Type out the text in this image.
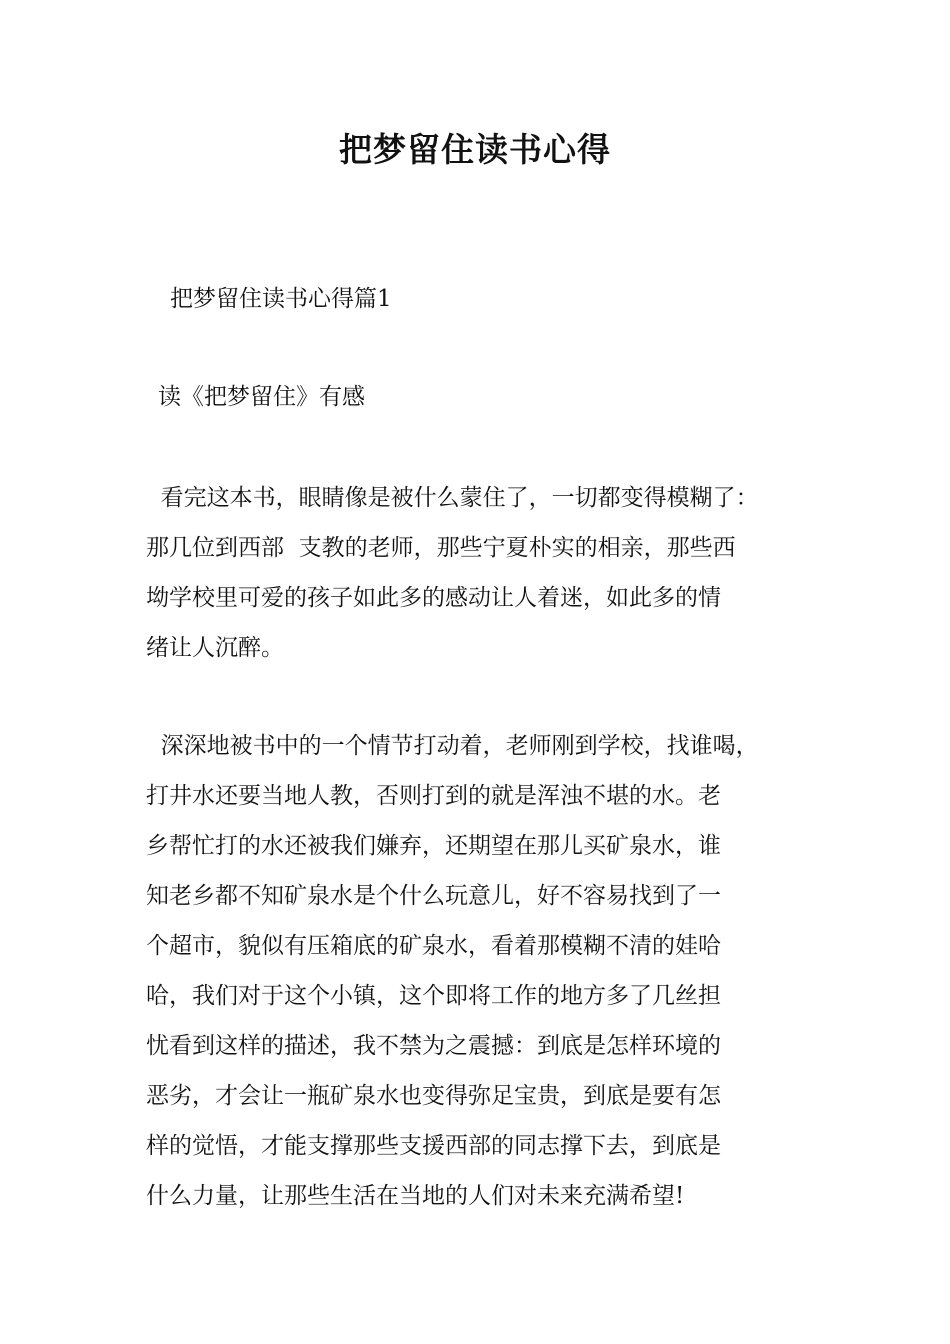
把梦留住读书心得

把梦留住读书心得篇1

读《把梦留住》有感

看完这本书，眼睛像是被什么蒙住了，一切都变得模糊了：

那几位到西部  支教的老师，那些宁夏朴实的相亲，那些西

坳学校里可爱的孩子如此多的感动让人着迷，如此多的情

绪让人沉醉。

深深地被书中的一个情节打动着，老师刚到学校，找谁喝，

打井水还要当地人教，否则打到的就是浑浊不堪的水。老

乡帮忙打的水还被我们嫌弃，还期望在那儿买矿泉水，谁

知老乡都不知矿泉水是个什么玩意儿，好不容易找到了一

个超市，貌似有压箱底的矿泉水，看着那模糊不清的娃哈

哈，我们对于这个小镇，这个即将工作的地方多了几丝担

忧看到这样的描述，我不禁为之震撼：到底是怎样环境的

恶劣，才会让一瓶矿泉水也变得弥足宝贵，到底是要有怎

样的觉悟，才能支撑那些支援西部的同志撑下去，到底是

什么力量，让那些生活在当地的人们对未来充满希望!
